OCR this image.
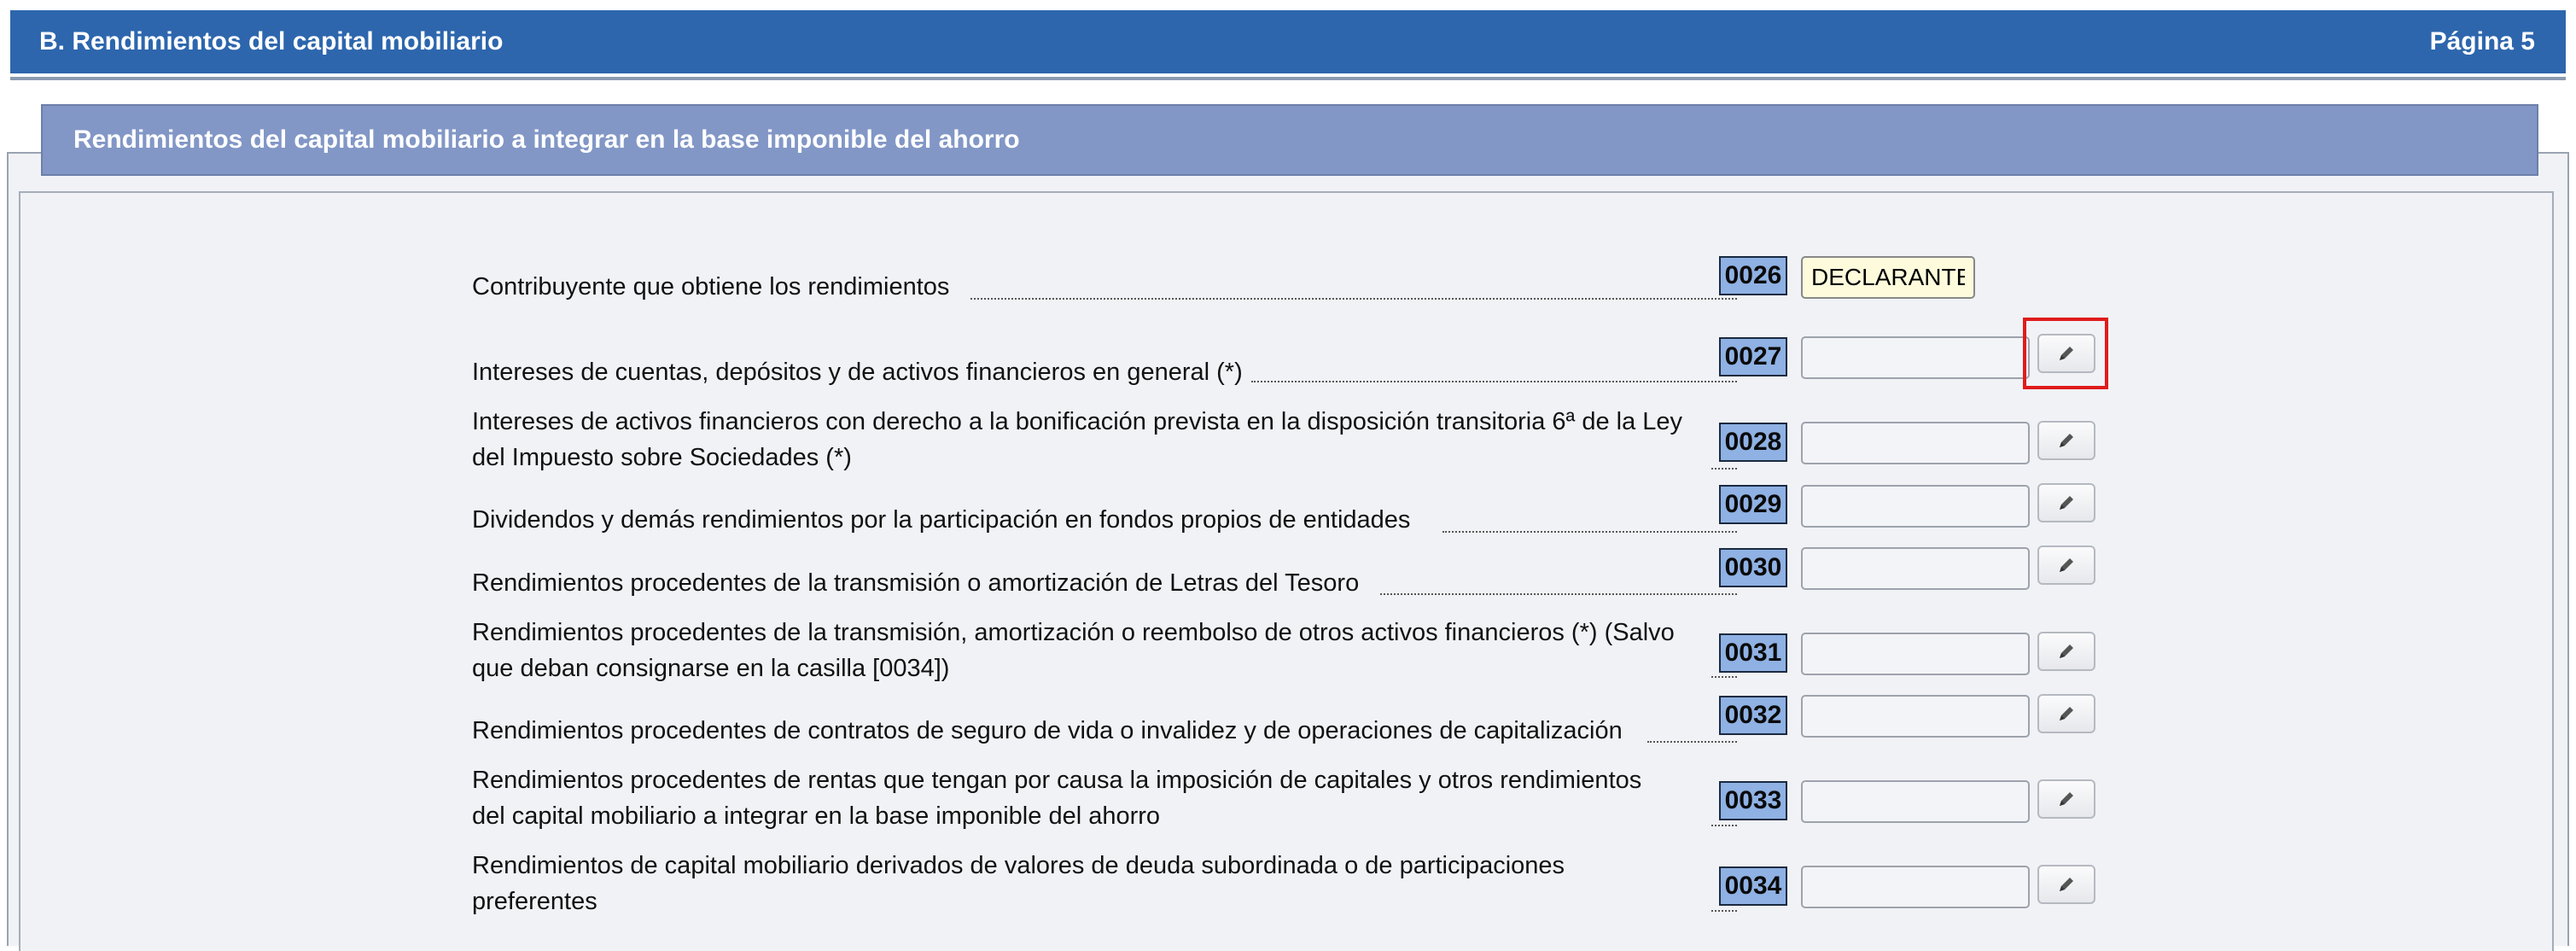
B. Rendimientos del capital mobiliario	Página 5
Rendimientos del capital mobiliario a integrar en la base imponible del ahorro
Contribuyente que obtiene los rendimientos	0026
DECLARANTE
Intereses de cuentas, depósitos y de activos financieros en general (*)
0027
Intereses de activos financieros con derecho a la bonificación prevista en la disposición transitoria 6ª de la Ley
del Impuesto sobre Sociedades (*)
0028
Dividendos y demás rendimientos por la participación en fondos propios de entidades
0029
Rendimientos procedentes de la transmisión o amortización de Letras del Tesoro
0030
Rendimientos procedentes de la transmisión, amortización o reembolso de otros activos financieros (*) (Salvo
que deban consignarse en la casilla [0034])
0031
Rendimientos procedentes de contratos de seguro de vida o invalidez y de operaciones de capitalización
0032
Rendimientos procedentes de rentas que tengan por causa la imposición de capitales y otros rendimientos
del capital mobiliario a integrar en la base imponible del ahorro
0033
Rendimientos de capital mobiliario derivados de valores de deuda subordinada o de participaciones
preferentes
0034
